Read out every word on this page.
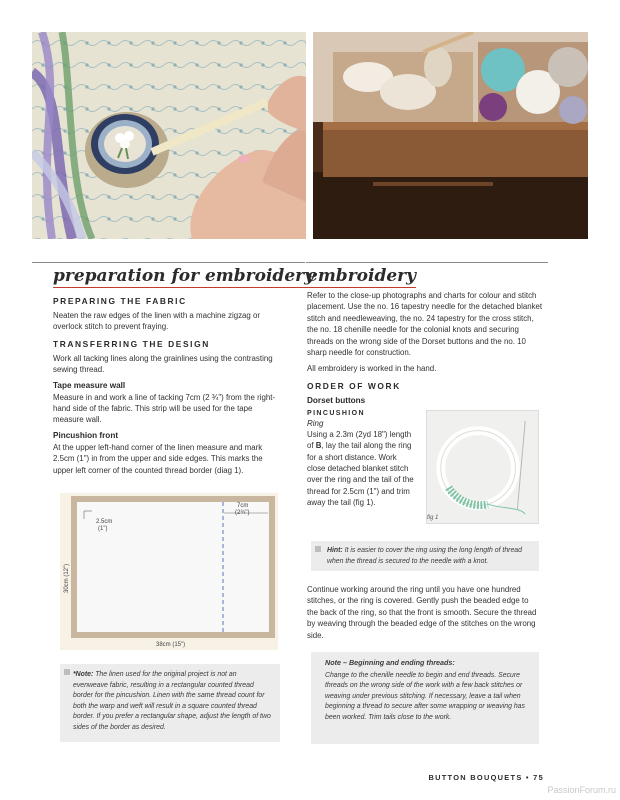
preparation for embroidery
embroidery
PREPARING THE FABRIC

Neaten the raw edges of the linen with a machine zigzag or overlock stitch to prevent fraying.

TRANSFERRING THE DESIGN

Work all tacking lines along the grainlines using the contrasting sewing thread.

Tape measure wall

Measure in and work a line of tacking 7cm (2 ¾") from the right-hand side of the fabric. This strip will be used for the tape measure wall.

Pincushion front

At the upper left-hand corner of the linen measure and mark 2.5cm (1") in from the upper and side edges. This marks the upper left corner of the counted thread border (diag 1).

2.5cm
(1")
7cm
(2¾")
30cm (12")
38cm (15")
*Note: The linen used for the original project is not an evenweave fabric, resulting in a rectangular counted thread border for the pincushion. Linen with the same thread count for both the warp and weft will result in a square counted thread border. If you prefer a rectangular shape, adjust the length of two sides of the border as desired.

Refer to the close-up photographs and charts for colour and stitch placement. Use the no. 16 tapestry needle for the detached blanket stitch and needleweaving, the no. 24 tapestry for the cross stitch, the no. 18 chenille needle for the colonial knots and securing threads on the wrong side of the Dorset buttons and the no. 10 sharp needle for construction.

All embroidery is worked in the hand.

ORDER OF WORK
Dorset buttons
PINCUSHION
Ring

Using a 2.3m (2yd 18") length of B, lay the tail along the ring for a short distance. Work close detached blanket stitch over the ring and the tail of the thread for 2.5cm (1") and trim away the tail (fig 1).

fig 1
Hint: It is easier to cover the ring using the long length of thread when the thread is secured to the needle with a knot.

Continue working around the ring until you have one hundred stitches, or the ring is covered. Gently push the beaded edge to the back of the ring, so that the front is smooth. Secure the thread by weaving through the beaded edge of the stitches on the wrong side.

Note – Beginning and ending threads:
Change to the chenille needle to begin and end threads. Secure threads on the wrong side of the work with a few back stitches or weaving under previous stitching. If necessary, leave a tail when beginning a thread to secure after some wrapping or weaving has been worked. Trim tails close to the work.
BUTTON BOUQUETS • 75
PassionForum.ru
